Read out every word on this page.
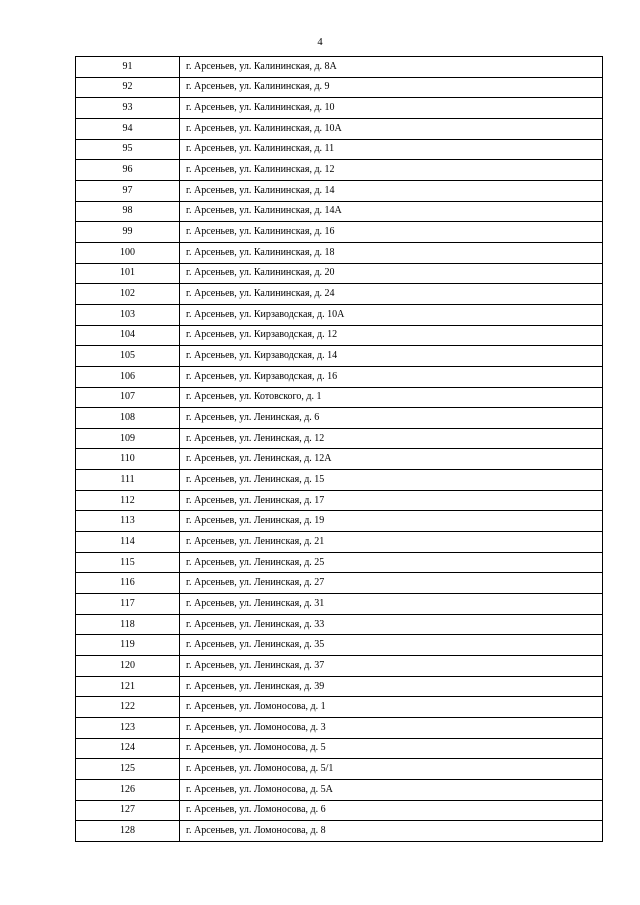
4
91	г. Арсеньев, ул. Калининская, д. 8А
92	г. Арсеньев, ул. Калининская, д. 9
93	г. Арсеньев, ул. Калининская, д. 10
94	г. Арсеньев, ул. Калининская, д. 10А
95	г. Арсеньев, ул. Калининская, д. 11
96	г. Арсеньев, ул. Калининская, д. 12
97	г. Арсеньев, ул. Калининская, д. 14
98	г. Арсеньев, ул. Калининская, д. 14А
99	г. Арсеньев, ул. Калининская, д. 16
100	г. Арсеньев, ул. Калининская, д. 18
101	г. Арсеньев, ул. Калининская, д. 20
102	г. Арсеньев, ул. Калининская, д. 24
103	г. Арсеньев, ул. Кирзаводская, д. 10А
104	г. Арсеньев, ул. Кирзаводская, д. 12
105	г. Арсеньев, ул. Кирзаводская, д. 14
106	г. Арсеньев, ул. Кирзаводская, д. 16
107	г. Арсеньев, ул. Котовского, д. 1
108	г. Арсеньев, ул. Ленинская, д. 6
109	г. Арсеньев, ул. Ленинская, д. 12
110	г. Арсеньев, ул. Ленинская, д. 12А
111	г. Арсеньев, ул. Ленинская, д. 15
112	г. Арсеньев, ул. Ленинская, д. 17
113	г. Арсеньев, ул. Ленинская, д. 19
114	г. Арсеньев, ул. Ленинская, д. 21
115	г. Арсеньев, ул. Ленинская, д. 25
116	г. Арсеньев, ул. Ленинская, д. 27
117	г. Арсеньев, ул. Ленинская, д. 31
118	г. Арсеньев, ул. Ленинская, д. 33
119	г. Арсеньев, ул. Ленинская, д. 35
120	г. Арсеньев, ул. Ленинская, д. 37
121	г. Арсеньев, ул. Ленинская, д. 39
122	г. Арсеньев, ул. Ломоносова, д. 1
123	г. Арсеньев, ул. Ломоносова, д. 3
124	г. Арсеньев, ул. Ломоносова, д. 5
125	г. Арсеньев, ул. Ломоносова, д. 5/1
126	г. Арсеньев, ул. Ломоносова, д. 5А
127	г. Арсеньев, ул. Ломоносова, д. 6
128	г. Арсеньев, ул. Ломоносова, д. 8
